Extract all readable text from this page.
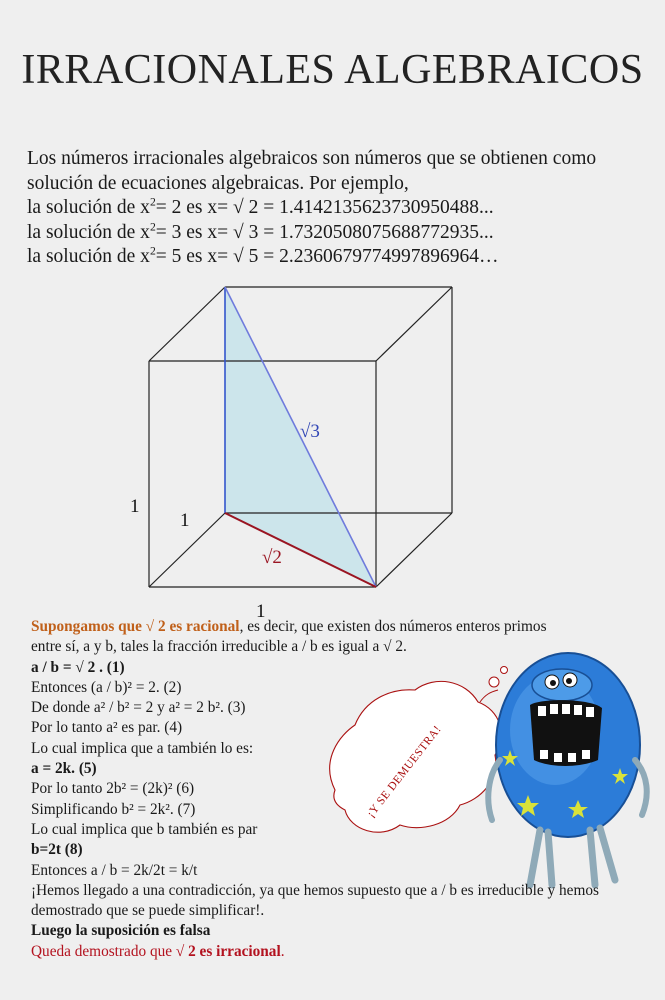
IRRACIONALES ALGEBRAICOS
Los números irracionales algebraicos son números que se obtienen como
solución de ecuaciones algebraicas. Por ejemplo,
la solución de $x^2= 2$ es x= √ 2 = 1.4142135623730950488...
la solución de $x^2= 3$ es x= √ 3 = 1.7320508075688772935...
la solución de $x^2= 5$ es x= √ 5 = 2.2360679774997896964…
√3
√2
1
1
1
¡Y SE DEMUESTRA!
Supongamos que √ 2 es racional, es decir, que existen dos números enteros primos
entre sí, a y b, tales la fracción irreducible a / b es igual a √ 2.
a / b = √ 2 . (1)
Entonces (a / b)² = 2. (2)
De donde a² / b² = 2 y a² = 2 b². (3)
Por lo tanto a² es par. (4)
Lo cual implica que a también lo es:
a = 2k. (5)
Por lo tanto 2b² = (2k)² (6)
Simplificando b² = 2k². (7)
Lo cual implica que b también es par
b=2t (8)
Entonces a / b = 2k/2t = k/t
¡Hemos llegado a una contradicción, ya que hemos supuesto que a / b es irreducible y hemos demostrado que se puede simplificar!.
Luego la suposición es falsa
Queda demostrado que √ 2 es irracional.
